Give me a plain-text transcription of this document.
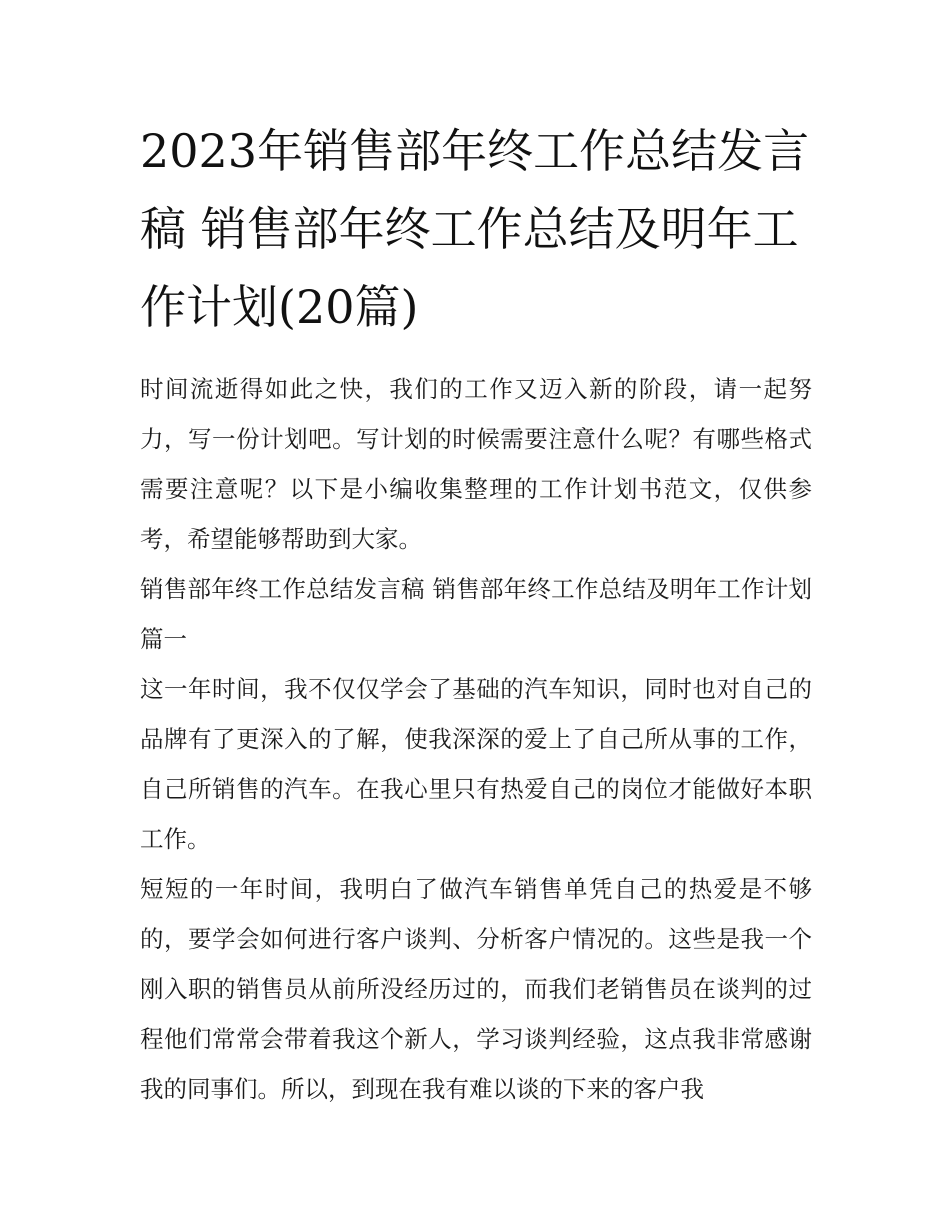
2023年销售部年终工作总结发言稿 销售部年终工作总结及明年工作计划(20篇)

时间流逝得如此之快，我们的工作又迈入新的阶段，请一起努力，写一份计划吧。写计划的时候需要注意什么呢？有哪些格式需要注意呢？以下是小编收集整理的工作计划书范文，仅供参考，希望能够帮助到大家。

销售部年终工作总结发言稿 销售部年终工作总结及明年工作计划篇一

这一年时间，我不仅仅学会了基础的汽车知识，同时也对自己的品牌有了更深入的了解，使我深深的爱上了自己所从事的工作，自己所销售的汽车。在我心里只有热爱自己的岗位才能做好本职工作。

短短的一年时间，我明白了做汽车销售单凭自己的热爱是不够的，要学会如何进行客户谈判、分析客户情况的。这些是我一个刚入职的销售员从前所没经历过的，而我们老销售员在谈判的过程他们常常会带着我这个新人，学习谈判经验，这点我非常感谢我的同事们。所以，到现在我有难以谈的下来的客户我
